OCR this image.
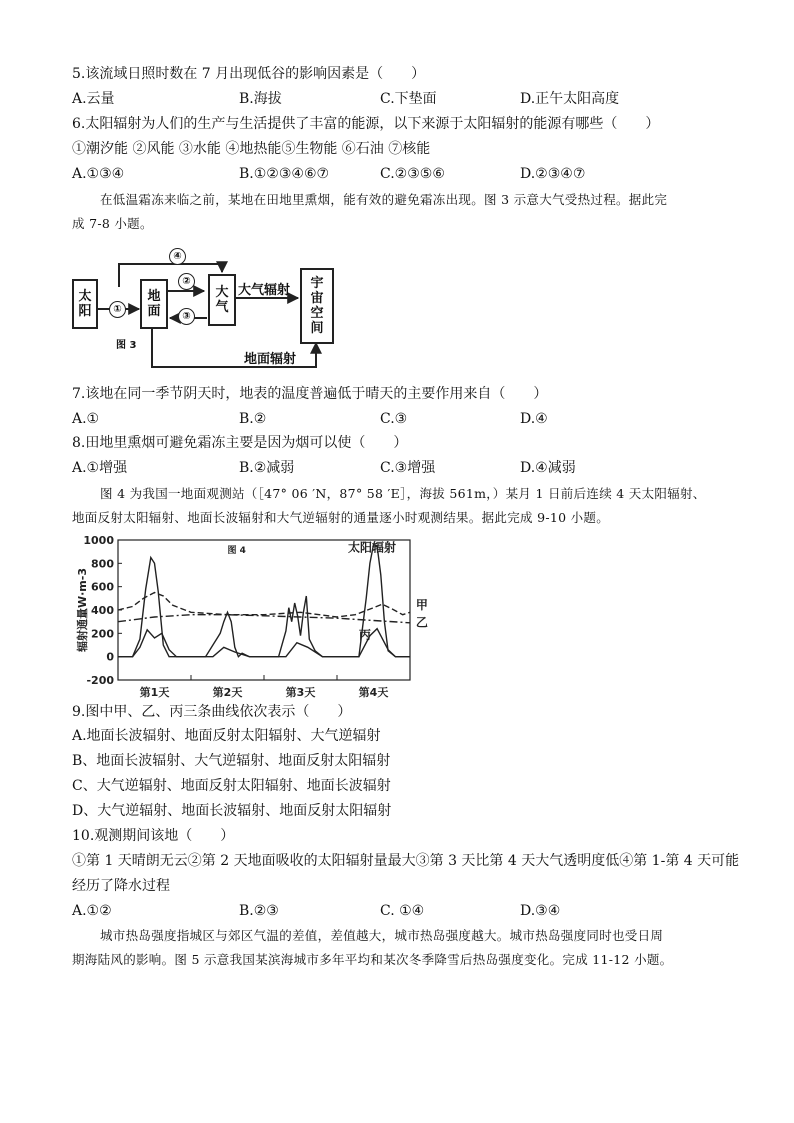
5.该流域日照时数在 7 月出现低谷的影响因素是（　　）
A.云量	B.海拔	C.下垫面	D.正午太阳高度
6.太阳辐射为人们的生产与生活提供了丰富的能源，以下来源于太阳辐射的能源有哪些（　　）
①潮汐能 ②风能 ③水能 ④地热能⑤生物能 ⑥石油 ⑦核能
A.①③④	B.①②③④⑥⑦	C.②③⑤⑥	D.②③④⑦
在低温霜冻来临之前，某地在田地里熏烟，能有效的避免霜冻出现。图 3 示意大气受热过程。据此完
成 7-8 小题。
太
阳
地
面
大
气
宇
宙
空
间
①
②
③
④
大气辐射
地面辐射
图 3
7.该地在同一季节阴天时，地表的温度普遍低于晴天的主要作用来自（　　）
A.①	B.②	C.③	D.④
8.田地里熏烟可避免霜冻主要是因为烟可以使（　　）
A.①增强	B.②减弱	C.③增强	D.④减弱
图 4 为我国一地面观测站（［47° 06 ′N，87° 58 ′E］，海拔 561m，）某月 1 日前后连续 4 天太阳辐射、
地面反射太阳辐射、地面长波辐射和大气逆辐射的通量逐小时观测结果。据此完成 9-10 小题。
-200
0
200
400
600
800
1000
第1天	第2天	第3天	第4天
辐射通量W·m-3
图 4	太阳辐射
甲
乙
丙
9.图中甲、乙、丙三条曲线依次表示（　　）
A.地面长波辐射、地面反射太阳辐射、大气逆辐射
B、地面长波辐射、大气逆辐射、地面反射太阳辐射
C、大气逆辐射、地面反射太阳辐射、地面长波辐射
D、大气逆辐射、地面长波辐射、地面反射太阳辐射
10.观测期间该地（　　）
①第 1 天晴朗无云②第 2 天地面吸收的太阳辐射量最大③第 3 天比第 4 天大气透明度低④第 1-第 4 天可能
经历了降水过程
A.①②	B.②③	C. ①④	D.③④
城市热岛强度指城区与郊区气温的差值，差值越大，城市热岛强度越大。城市热岛强度同时也受日周
期海陆风的影响。图 5 示意我国某滨海城市多年平均和某次冬季降雪后热岛强度变化。完成 11-12 小题。
